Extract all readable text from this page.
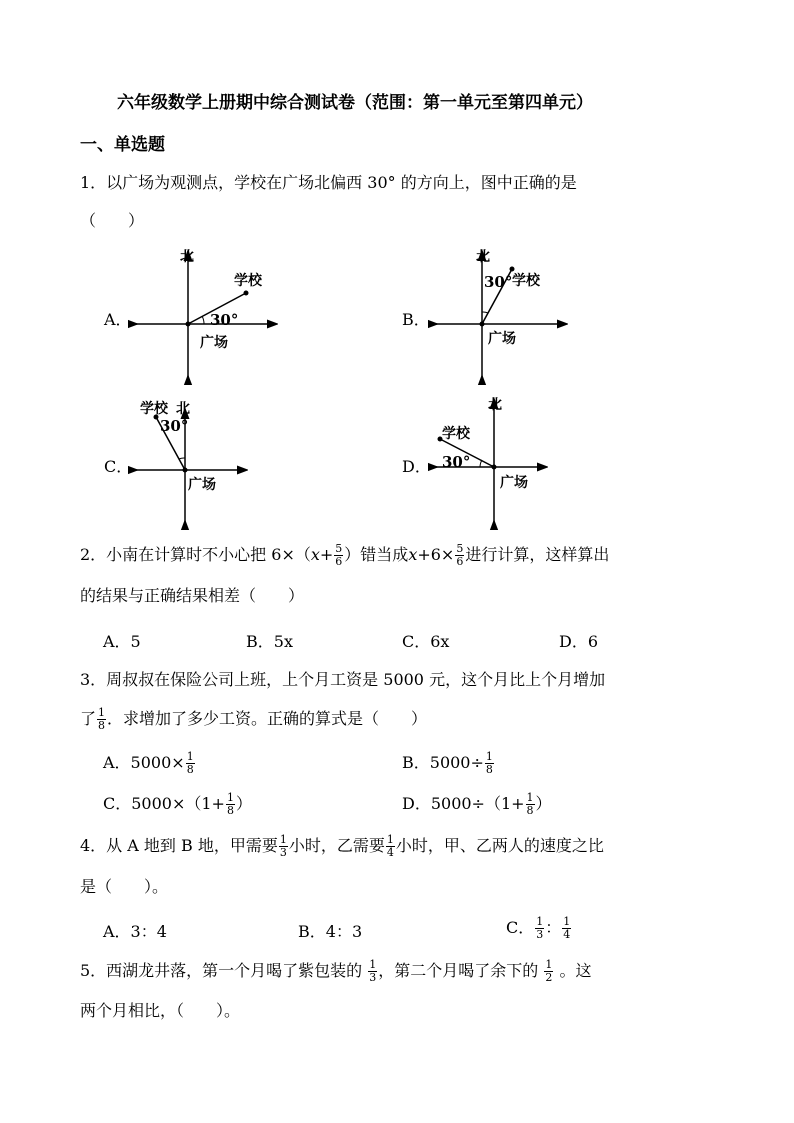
六年级数学上册期中综合测试卷（范围：第一单元至第四单元）
一、单选题
1．以广场为观测点，学校在广场北偏西 30° 的方向上，图中正确的是
（　　）
A．
北
学校
30°
广场
B．
北
学校
30°
广场
C．
学校 北
30°
广场
D．
北
学校
30°
广场
2．小南在计算时不小心把 $6\times(x+ \frac{5}{6}$ ）错当成$x+6\times \frac{5}{6}$ 进行计算，这样算出
的结果与正确结果相差（　　）
A．5	B．5x	C．6x	D．6
3．周叔叔在保险公司上班，上个月工资是 5000 元，这个月比上个月增加
了 $\frac{1}{8}$ ．求增加了多少工资。正确的算式是（　　）
A．$5000\times \frac{1}{8}$	B．$5000\div \frac{1}{8}$
C．$5000\times(1+ \frac{1}{8}$ ）	D．$5000\div(1+ \frac{1}{8}$ ）
4．从 A 地到 B 地，甲需要 $\frac{1}{3}$ 小时，乙需要 $\frac{1}{4}$ 小时，甲、乙两人的速度之比
是（　　）。
A．3：4	B．4：3	C． $\frac{1}{3}$ ： $\frac{1}{4}$
5．西湖龙井落，第一个月喝了紫包装的 $\frac{1}{3}$ ，第二个月喝了余下的 $\frac{1}{2}$ 。这
两个月相比，（　　）。
